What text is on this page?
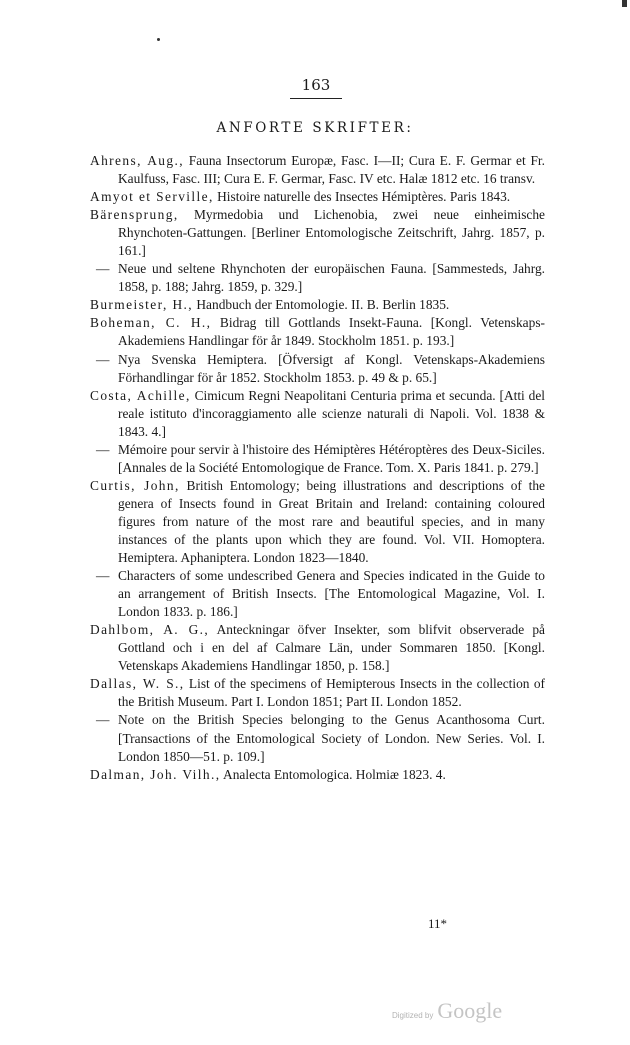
163
ANFORTE SKRIFTER:

Ahrens, Aug., Fauna Insectorum Europæ, Fasc. I—II; Cura E. F. Germar et Fr. Kaulfuss, Fasc. III; Cura E. F. Germar, Fasc. IV etc. Halæ 1812 etc. 16 transv.

Amyot et Serville, Histoire naturelle des Insectes Hémiptères. Paris 1843.

Bärensprung, Myrmedobia und Lichenobia, zwei neue einheimische Rhynchoten-Gattungen. [Berliner Entomologische Zeitschrift, Jahrg. 1857, p. 161.]

— Neue und seltene Rhynchoten der europäischen Fauna. [Sammesteds, Jahrg. 1858, p. 188; Jahrg. 1859, p. 329.]

Burmeister, H., Handbuch der Entomologie. II. B. Berlin 1835.

Boheman, C. H., Bidrag till Gottlands Insekt-Fauna. [Kongl. Vetenskaps-Akademiens Handlingar för år 1849. Stockholm 1851. p. 193.]

— Nya Svenska Hemiptera. [Öfversigt af Kongl. Vetenskaps-Akademiens Förhandlingar för år 1852. Stockholm 1853. p. 49 & p. 65.]

Costa, Achille, Cimicum Regni Neapolitani Centuria prima et secunda. [Atti del reale istituto d'incoraggiamento alle scienze naturali di Napoli. Vol. 1838 & 1843. 4.]

— Mémoire pour servir à l'histoire des Hémiptères Hétéroptères des Deux-Siciles. [Annales de la Société Entomologique de France. Tom. X. Paris 1841. p. 279.]

Curtis, John, British Entomology; being illustrations and descriptions of the genera of Insects found in Great Britain and Ireland: containing coloured figures from nature of the most rare and beautiful species, and in many instances of the plants upon which they are found. Vol. VII. Homoptera. Hemiptera. Aphaniptera. London 1823—1840.

— Characters of some undescribed Genera and Species indicated in the Guide to an arrangement of British Insects. [The Entomological Magazine, Vol. I. London 1833. p. 186.]

Dahlbom, A. G., Anteckningar öfver Insekter, som blifvit observerade på Gottland och i en del af Calmare Län, under Sommaren 1850. [Kongl. Vetenskaps Akademiens Handlingar 1850, p. 158.]

Dallas, W. S., List of the specimens of Hemipterous Insects in the collection of the British Museum. Part I. London 1851; Part II. London 1852.

— Note on the British Species belonging to the Genus Acanthosoma Curt. [Transactions of the Entomological Society of London. New Series. Vol. I. London 1850—51. p. 109.]

Dalman, Joh. Vilh., Analecta Entomologica. Holmiæ 1823. 4.

11*
Digitized by Google
